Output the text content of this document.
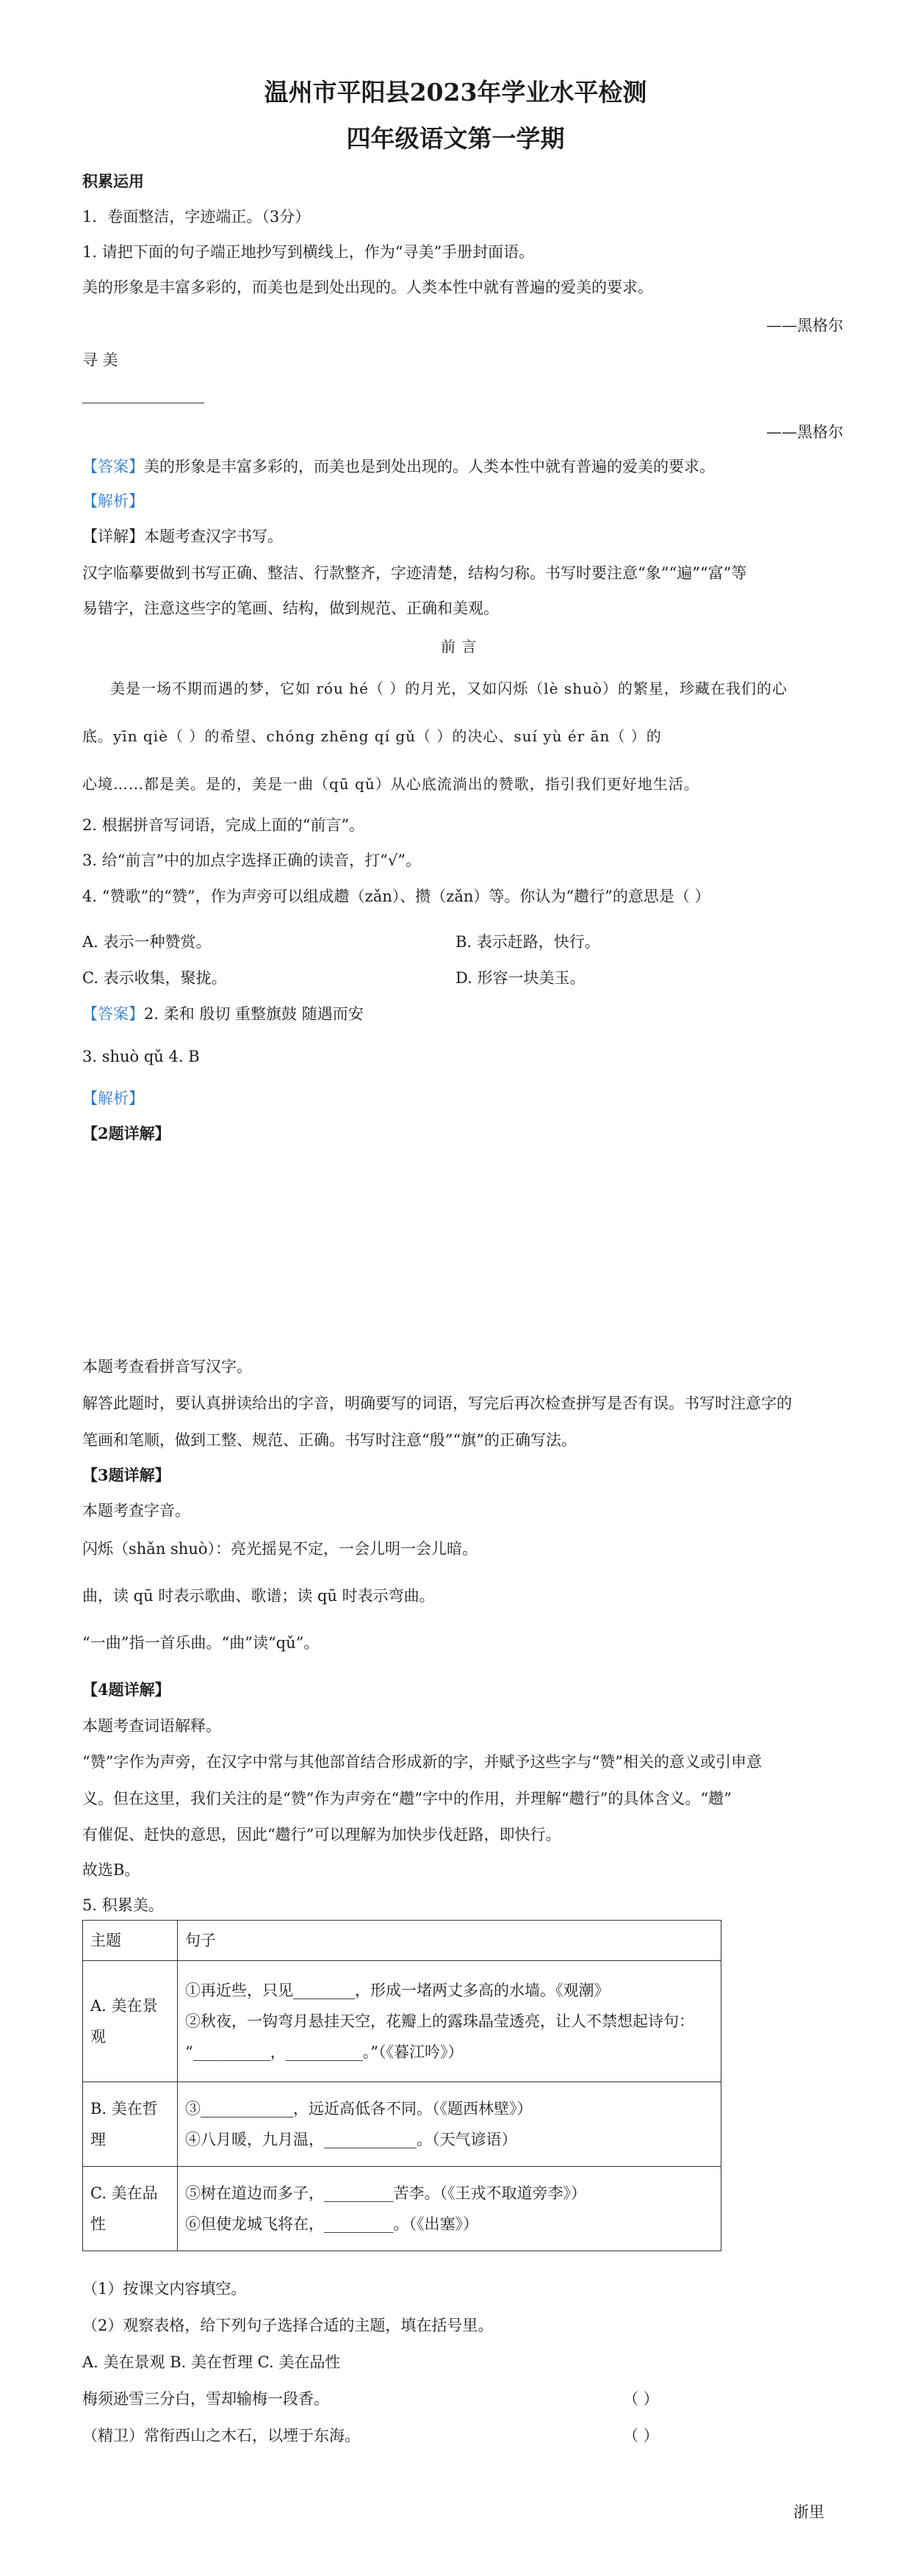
温州市平阳县2023年学业水平检测
四年级语文第一学期
积累运用
1．卷面整洁，字迹端正。（3分）
1. 请把下面的句子端正地抄写到横线上，作为“寻美”手册封面语。
美的形象是丰富多彩的，而美也是到处出现的。人类本性中就有普遍的爱美的要求。
——黑格尔
寻 美
——黑格尔
【答案】美的形象是丰富多彩的，而美也是到处出现的。人类本性中就有普遍的爱美的要求。
【解析】
【详解】本题考查汉字书写。
汉字临摹要做到书写正确、整洁、行款整齐，字迹清楚，结构匀称。书写时要注意“象”“遍”“富”等
易错字，注意这些字的笔画、结构，做到规范、正确和美观。
前 言
美是一场不期而遇的梦，它如 róu hé（ ）的月光，又如闪烁（lè shuò）的繁星，珍藏在我们的心
底。yīn qiè（ ）的希望、chóng zhēng qí gǔ（ ）的决心、suí yù ér ān（ ）的
心境……都是美。是的，美是一曲（qū qǔ）从心底流淌出的赞歌，指引我们更好地生活。
2. 根据拼音写词语，完成上面的“前言”。
3. 给“前言”中的加点字选择正确的读音，打“√”。
4. “赞歌”的“赞”，作为声旁可以组成趱（zǎn）、攒（zǎn）等。你认为“趱行”的意思是（ ）
A. 表示一种赞赏。	B. 表示赶路，快行。
C. 表示收集，聚拢。	D. 形容一块美玉。
【答案】2. 柔和 殷切 重整旗鼓 随遇而安
3. shuò qǔ 4. B
【解析】
【2题详解】
本题考查看拼音写汉字。
解答此题时，要认真拼读给出的字音，明确要写的词语，写完后再次检查拼写是否有误。书写时注意字的
笔画和笔顺，做到工整、规范、正确。书写时注意“殷”“旗”的正确写法。
【3题详解】
本题考查字音。
闪烁（shǎn shuò）：亮光摇晃不定，一会儿明一会儿暗。
曲，读 qū 时表示歌曲、歌谱；读 qū 时表示弯曲。
“一曲”指一首乐曲。“曲”读“qǔ”。
【4题详解】
本题考查词语解释。
“赞”字作为声旁，在汉字中常与其他部首结合形成新的字，并赋予这些字与“赞”相关的意义或引申意
义。但在这里，我们关注的是“赞”作为声旁在“趱”字中的作用，并理解“趱行”的具体含义。“趱”
有催促、赶快的意思，因此“趱行”可以理解为加快步伐赶路，即快行。
故选B。
5. 积累美。
主题	句子
A. 美在景观	①再近些，只见________，形成一堵两丈多高的水墙。《观潮》
②秋夜，一钩弯月悬挂天空，花瓣上的露珠晶莹透亮，让人不禁想起诗句：
“__________，__________。”（《暮江吟》）

B. 美在哲理	③____________，远近高低各不同。（《题西林壁》）
④八月暖，九月温，____________。（天气谚语）

C. 美在品性	⑤树在道边而多子，_________苦李。（《王戎不取道旁李》）
⑥但使龙城飞将在，_________。（《出塞》）
（1）按课文内容填空。
（2）观察表格，给下列句子选择合适的主题，填在括号里。
A. 美在景观 B. 美在哲理 C. 美在品性
梅须逊雪三分白，雪却输梅一段香。	（ ）
（精卫）常衔西山之木石，以堙于东海。	（ ）
浙里
